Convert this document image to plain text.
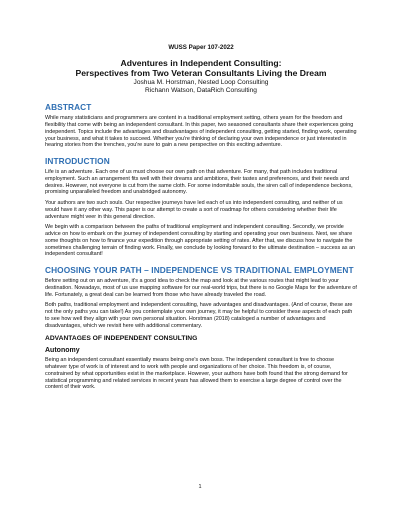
WUSS Paper 107-2022
Adventures in Independent Consulting:
Perspectives from Two Veteran Consultants Living the Dream
Joshua M. Horstman, Nested Loop Consulting
Richann Watson, DataRich Consulting
ABSTRACT

While many statisticians and programmers are content in a traditional employment setting, others yearn for the freedom and flexibility that come with being an independent consultant. In this paper, two seasoned consultants share their experiences going independent. Topics include the advantages and disadvantages of independent consulting, getting started, finding work, operating your business, and what it takes to succeed. Whether you're thinking of declaring your own independence or just interested in hearing stories from the trenches, you're sure to gain a new perspective on this exciting adventure.

INTRODUCTION

Life is an adventure. Each one of us must choose our own path on that adventure. For many, that path includes traditional employment. Such an arrangement fits well with their dreams and ambitions, their tastes and preferences, and their needs and desires. However, not everyone is cut from the same cloth. For some indomitable souls, the siren call of independence beckons, promising unparalleled freedom and unabridged autonomy.

Your authors are two such souls. Our respective journeys have led each of us into independent consulting, and neither of us would have it any other way. This paper is our attempt to create a sort of roadmap for others considering whether their life adventure might veer in this general direction.

We begin with a comparison between the paths of traditional employment and independent consulting. Secondly, we provide advice on how to embark on the journey of independent consulting by starting and operating your own business. Next, we share some thoughts on how to finance your expedition through appropriate setting of rates. After that, we discuss how to navigate the sometimes challenging terrain of finding work. Finally, we conclude by looking forward to the ultimate destination – success as an independent consultant!

CHOOSING YOUR PATH – INDEPENDENCE VS TRADITIONAL EMPLOYMENT

Before setting out on an adventure, it's a good idea to check the map and look at the various routes that might lead to your destination. Nowadays, most of us use mapping software for our real-world trips, but there is no Google Maps for the adventure of life. Fortunately, a great deal can be learned from those who have already traveled the road.

Both paths, traditional employment and independent consulting, have advantages and disadvantages. (And of course, these are not the only paths you can take!) As you contemplate your own journey, it may be helpful to consider these aspects of each path to see how well they align with your own personal situation. Horstman (2018) cataloged a number of advantages and disadvantages, which we revisit here with additional commentary.

ADVANTAGES OF INDEPENDENT CONSULTING
Autonomy

Being an independent consultant essentially means being one's own boss. The independent consultant is free to choose whatever type of work is of interest and to work with people and organizations of her choice. This freedom is, of course, constrained by what opportunities exist in the marketplace. However, your authors have both found that the strong demand for statistical programming and related services in recent years has allowed them to exercise a large degree of control over the content of their work.

1
